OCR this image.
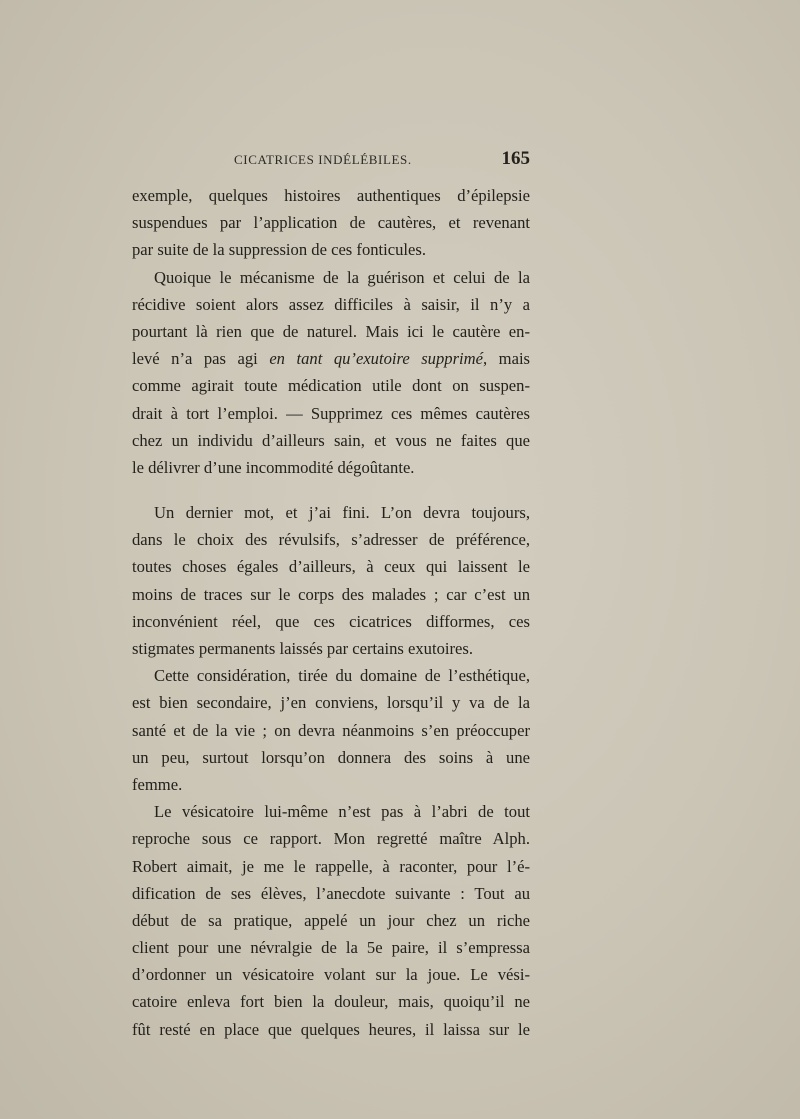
CICATRICES INDÉLÉBILES.	165
exemple, quelques histoires authentiques d’épilepsie
suspendues par l’application de cautères, et revenant
par suite de la suppression de ces fonticules.
Quoique le mécanisme de la guérison et celui de la
récidive soient alors assez difficiles à saisir, il n’y a
pourtant là rien que de naturel. Mais ici le cautère en-
levé n’a pas agi en tant qu’exutoire supprimé, mais
comme agirait toute médication utile dont on suspen-
drait à tort l’emploi. — Supprimez ces mêmes cautères
chez un individu d’ailleurs sain, et vous ne faites que
le délivrer d’une incommodité dégoûtante.
Un dernier mot, et j’ai fini. L’on devra toujours,
dans le choix des révulsifs, s’adresser de préférence,
toutes choses égales d’ailleurs, à ceux qui laissent le
moins de traces sur le corps des malades ; car c’est un
inconvénient réel, que ces cicatrices difformes, ces
stigmates permanents laissés par certains exutoires.
Cette considération, tirée du domaine de l’esthétique,
est bien secondaire, j’en conviens, lorsqu’il y va de la
santé et de la vie ; on devra néanmoins s’en préoccuper
un peu, surtout lorsqu’on donnera des soins à une
femme.
Le vésicatoire lui-même n’est pas à l’abri de tout
reproche sous ce rapport. Mon regretté maître Alph.
Robert aimait, je me le rappelle, à raconter, pour l’é-
dification de ses élèves, l’anecdote suivante : Tout au
début de sa pratique, appelé un jour chez un riche
client pour une névralgie de la 5e paire, il s’empressa
d’ordonner un vésicatoire volant sur la joue. Le vési-
catoire enleva fort bien la douleur, mais, quoiqu’il ne
fût resté en place que quelques heures, il laissa sur le
